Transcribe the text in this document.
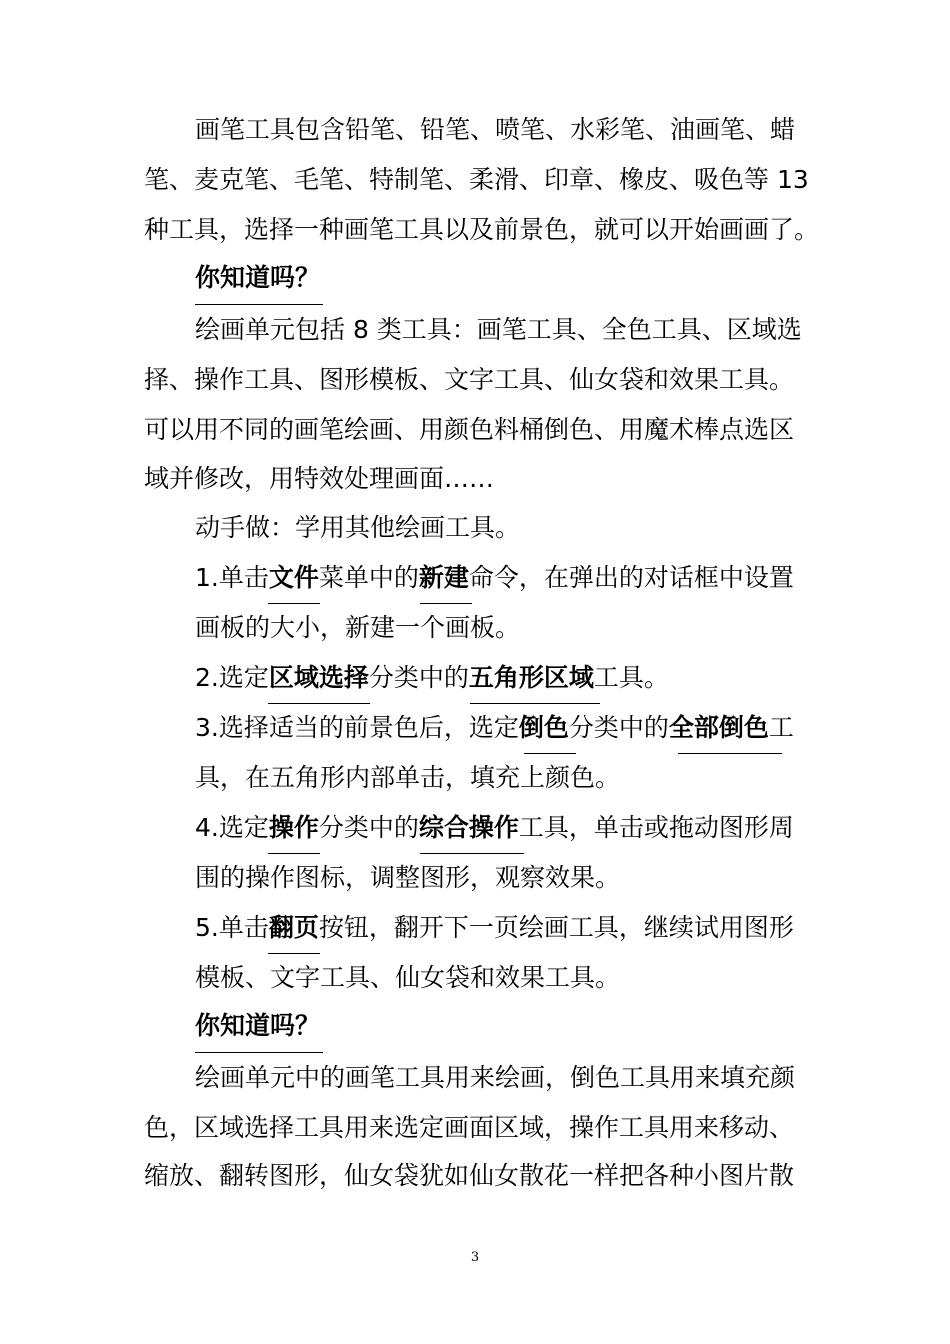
画笔工具包含铅笔、铅笔、喷笔、水彩笔、油画笔、蜡
笔、麦克笔、毛笔、特制笔、柔滑、印章、橡皮、吸色等 13
种工具，选择一种画笔工具以及前景色，就可以开始画画了。
你知道吗？
绘画单元包括 8 类工具：画笔工具、全色工具、区域选
择、操作工具、图形模板、文字工具、仙女袋和效果工具。
可以用不同的画笔绘画、用颜色料桶倒色、用魔术棒点选区
域并修改，用特效处理画面……
动手做：学用其他绘画工具。
1.单击文件菜单中的新建命令，在弹出的对话框中设置
画板的大小，新建一个画板。
2.选定区域选择分类中的五角形区域工具。
3.选择适当的前景色后，选定倒色分类中的全部倒色工
具，在五角形内部单击，填充上颜色。
4.选定操作分类中的综合操作工具，单击或拖动图形周
围的操作图标，调整图形，观察效果。
5.单击翻页按钮，翻开下一页绘画工具，继续试用图形
模板、文字工具、仙女袋和效果工具。
你知道吗？
绘画单元中的画笔工具用来绘画，倒色工具用来填充颜
色，区域选择工具用来选定画面区域，操作工具用来移动、
缩放、翻转图形，仙女袋犹如仙女散花一样把各种小图片散
3
